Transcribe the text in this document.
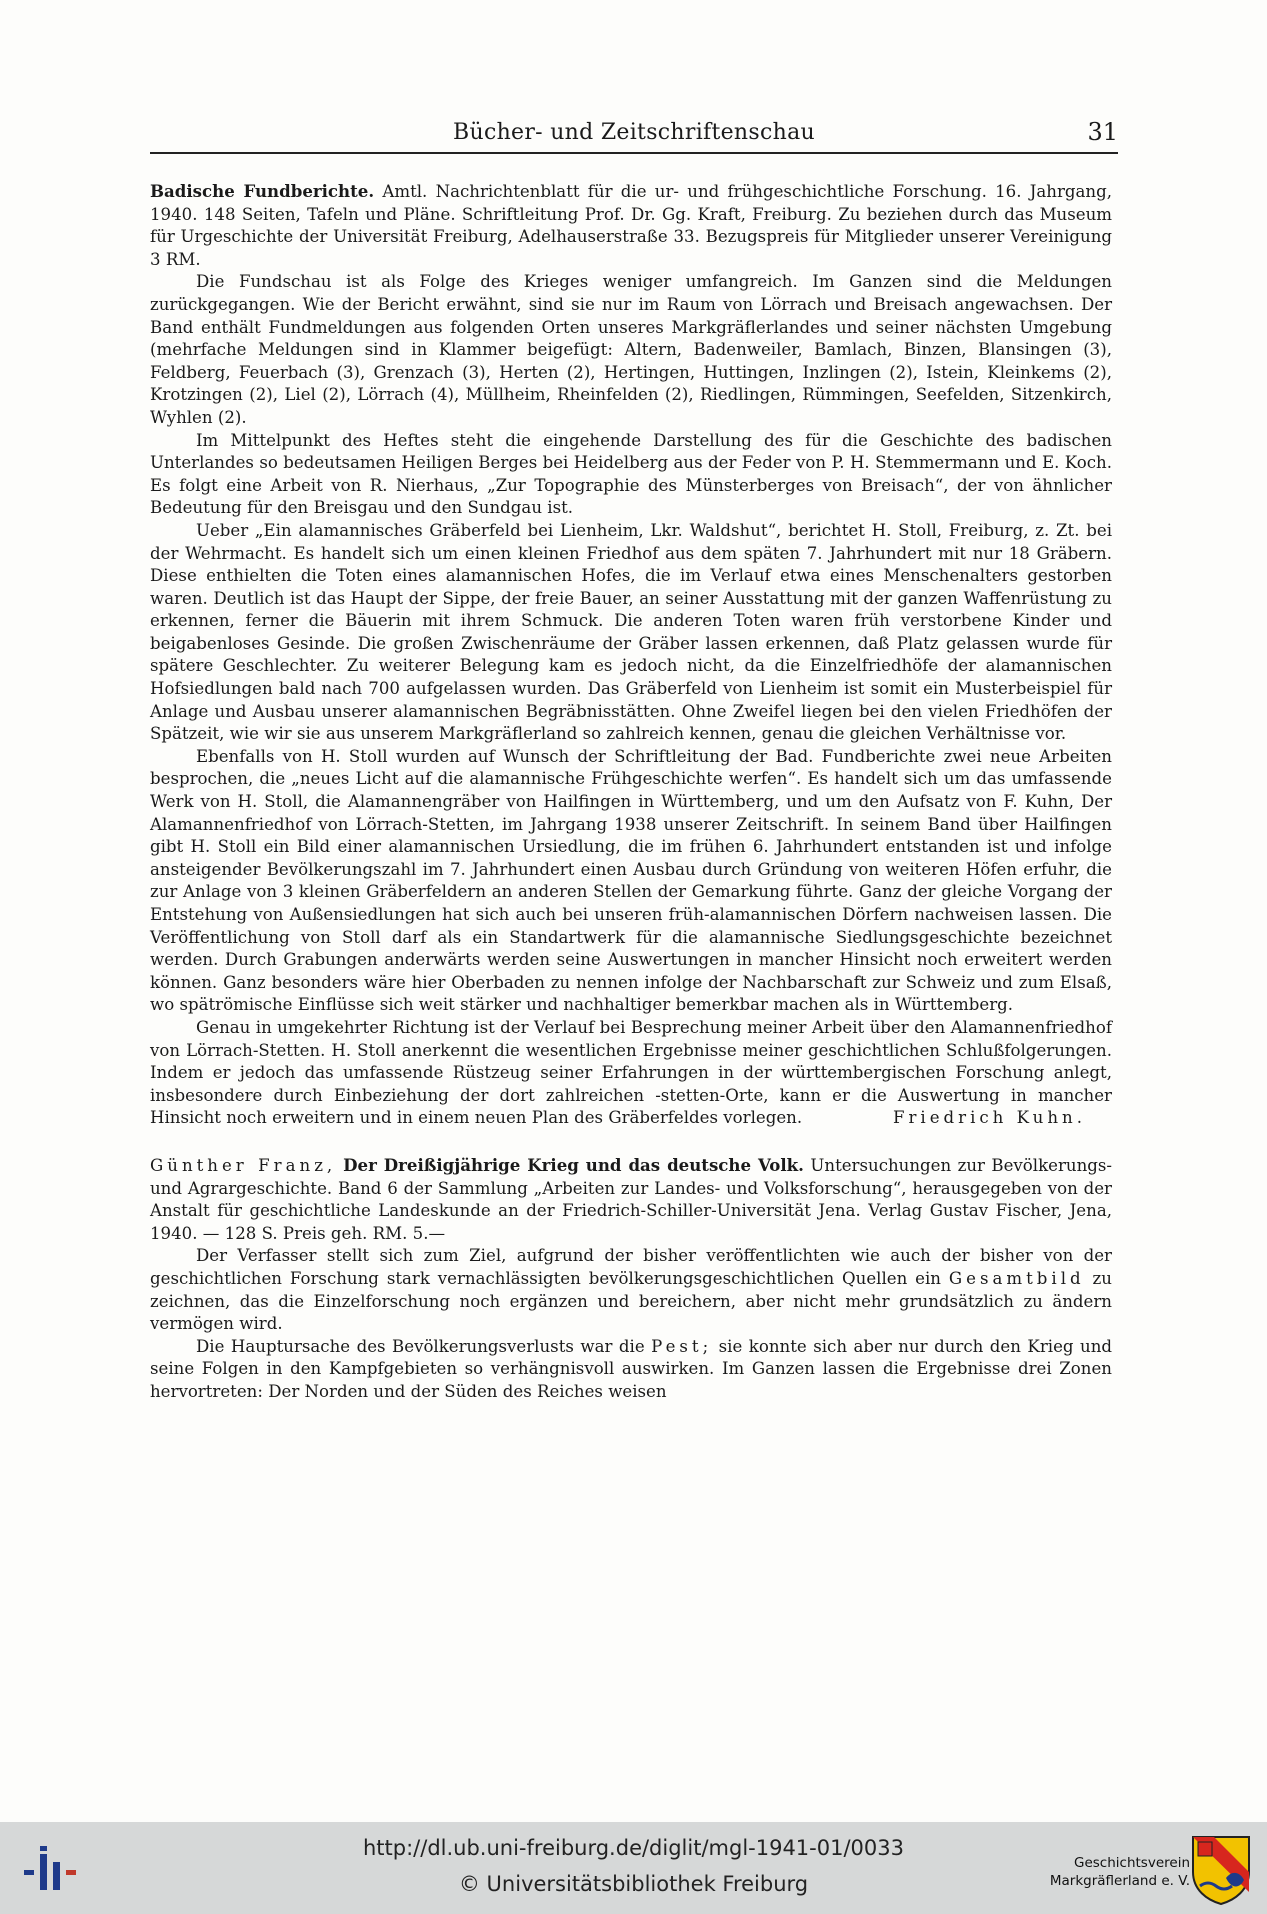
Bücher- und Zeitschriftenschau	31

Badische Fundberichte. Amtl. Nachrichtenblatt für die ur- und frühgeschichtliche Forschung. 16. Jahrgang, 1940. 148 Seiten, Tafeln und Pläne. Schriftleitung Prof. Dr. Gg. Kraft, Freiburg. Zu beziehen durch das Museum für Urgeschichte der Universität Freiburg, Adelhauserstraße 33. Bezugspreis für Mitglieder unserer Vereinigung 3 RM.

Die Fundschau ist als Folge des Krieges weniger umfangreich. Im Ganzen sind die Meldungen zurückgegangen. Wie der Bericht erwähnt, sind sie nur im Raum von Lörrach und Breisach angewachsen. Der Band enthält Fundmeldungen aus folgenden Orten unseres Markgräflerlandes und seiner nächsten Umgebung (mehrfache Meldungen sind in Klammer beigefügt: Altern, Badenweiler, Bamlach, Binzen, Blansingen (3), Feldberg, Feuerbach (3), Grenzach (3), Herten (2), Hertingen, Huttingen, Inzlingen (2), Istein, Kleinkems (2), Krotzingen (2), Liel (2), Lörrach (4), Müllheim, Rheinfelden (2), Riedlingen, Rümmingen, Seefelden, Sitzenkirch, Wyhlen (2).

Im Mittelpunkt des Heftes steht die eingehende Darstellung des für die Geschichte des badischen Unterlandes so bedeutsamen Heiligen Berges bei Heidelberg aus der Feder von P. H. Stemmermann und E. Koch. Es folgt eine Arbeit von R. Nierhaus, „Zur Topographie des Münsterberges von Breisach“, der von ähnlicher Bedeutung für den Breisgau und den Sundgau ist.

Ueber „Ein alamannisches Gräberfeld bei Lienheim, Lkr. Waldshut“, berichtet H. Stoll, Freiburg, z. Zt. bei der Wehrmacht. Es handelt sich um einen kleinen Friedhof aus dem späten 7. Jahrhundert mit nur 18 Gräbern. Diese enthielten die Toten eines alamannischen Hofes, die im Verlauf etwa eines Menschenalters gestorben waren. Deutlich ist das Haupt der Sippe, der freie Bauer, an seiner Ausstattung mit der ganzen Waffenrüstung zu erkennen, ferner die Bäuerin mit ihrem Schmuck. Die anderen Toten waren früh verstorbene Kinder und beigabenloses Gesinde. Die großen Zwischenräume der Gräber lassen erkennen, daß Platz gelassen wurde für spätere Geschlechter. Zu weiterer Belegung kam es jedoch nicht, da die Einzelfriedhöfe der alamannischen Hofsiedlungen bald nach 700 aufgelassen wurden. Das Gräberfeld von Lienheim ist somit ein Musterbeispiel für Anlage und Ausbau unserer alamannischen Begräbnisstätten. Ohne Zweifel liegen bei den vielen Friedhöfen der Spätzeit, wie wir sie aus unserem Markgräflerland so zahlreich kennen, genau die gleichen Verhältnisse vor.

Ebenfalls von H. Stoll wurden auf Wunsch der Schriftleitung der Bad. Fundberichte zwei neue Arbeiten besprochen, die „neues Licht auf die alamannische Frühgeschichte werfen“. Es handelt sich um das umfassende Werk von H. Stoll, die Alamannengräber von Hailfingen in Württemberg, und um den Aufsatz von F. Kuhn, Der Alamannenfriedhof von Lörrach-Stetten, im Jahrgang 1938 unserer Zeitschrift. In seinem Band über Hailfingen gibt H. Stoll ein Bild einer alamannischen Ursiedlung, die im frühen 6. Jahrhundert entstanden ist und infolge ansteigender Bevölkerungszahl im 7. Jahrhundert einen Ausbau durch Gründung von weiteren Höfen erfuhr, die zur Anlage von 3 kleinen Gräberfeldern an anderen Stellen der Gemarkung führte. Ganz der gleiche Vorgang der Entstehung von Außensiedlungen hat sich auch bei unseren früh-alamannischen Dörfern nachweisen lassen. Die Veröffentlichung von Stoll darf als ein Standartwerk für die alamannische Siedlungsgeschichte bezeichnet werden. Durch Grabungen anderwärts werden seine Auswertungen in mancher Hinsicht noch erweitert werden können. Ganz besonders wäre hier Oberbaden zu nennen infolge der Nachbarschaft zur Schweiz und zum Elsaß, wo spätrömische Einflüsse sich weit stärker und nachhaltiger bemerkbar machen als in Württemberg.

Genau in umgekehrter Richtung ist der Verlauf bei Besprechung meiner Arbeit über den Alamannenfriedhof von Lörrach-Stetten. H. Stoll anerkennt die wesentlichen Ergebnisse meiner geschichtlichen Schlußfolgerungen. Indem er jedoch das umfassende Rüstzeug seiner Erfahrungen in der württembergischen Forschung anlegt, insbesondere durch Einbeziehung der dort zahlreichen -stetten-Orte, kann er die Auswertung in mancher Hinsicht noch erweitern und in einem neuen Plan des Gräberfeldes vorlegen.	Friedrich Kuhn.

Günther Franz, Der Dreißigjährige Krieg und das deutsche Volk. Untersuchungen zur Bevölkerungs- und Agrargeschichte. Band 6 der Sammlung „Arbeiten zur Landes- und Volksforschung“, herausgegeben von der Anstalt für geschichtliche Landeskunde an der Friedrich-Schiller-Universität Jena. Verlag Gustav Fischer, Jena, 1940. — 128 S. Preis geh. RM. 5.—

Der Verfasser stellt sich zum Ziel, aufgrund der bisher veröffentlichten wie auch der bisher von der geschichtlichen Forschung stark vernachlässigten bevölkerungsgeschichtlichen Quellen ein Gesamtbild zu zeichnen, das die Einzelforschung noch ergänzen und bereichern, aber nicht mehr grundsätzlich zu ändern vermögen wird.

Die Hauptursache des Bevölkerungsverlusts war die Pest; sie konnte sich aber nur durch den Krieg und seine Folgen in den Kampfgebieten so verhängnisvoll auswirken. Im Ganzen lassen die Ergebnisse drei Zonen hervortreten: Der Norden und der Süden des Reiches weisen

http://dl.ub.uni-freiburg.de/diglit/mgl-1941-01/0033
© Universitätsbibliothek Freiburg
Geschichtsverein
Markgräflerland e. V.
